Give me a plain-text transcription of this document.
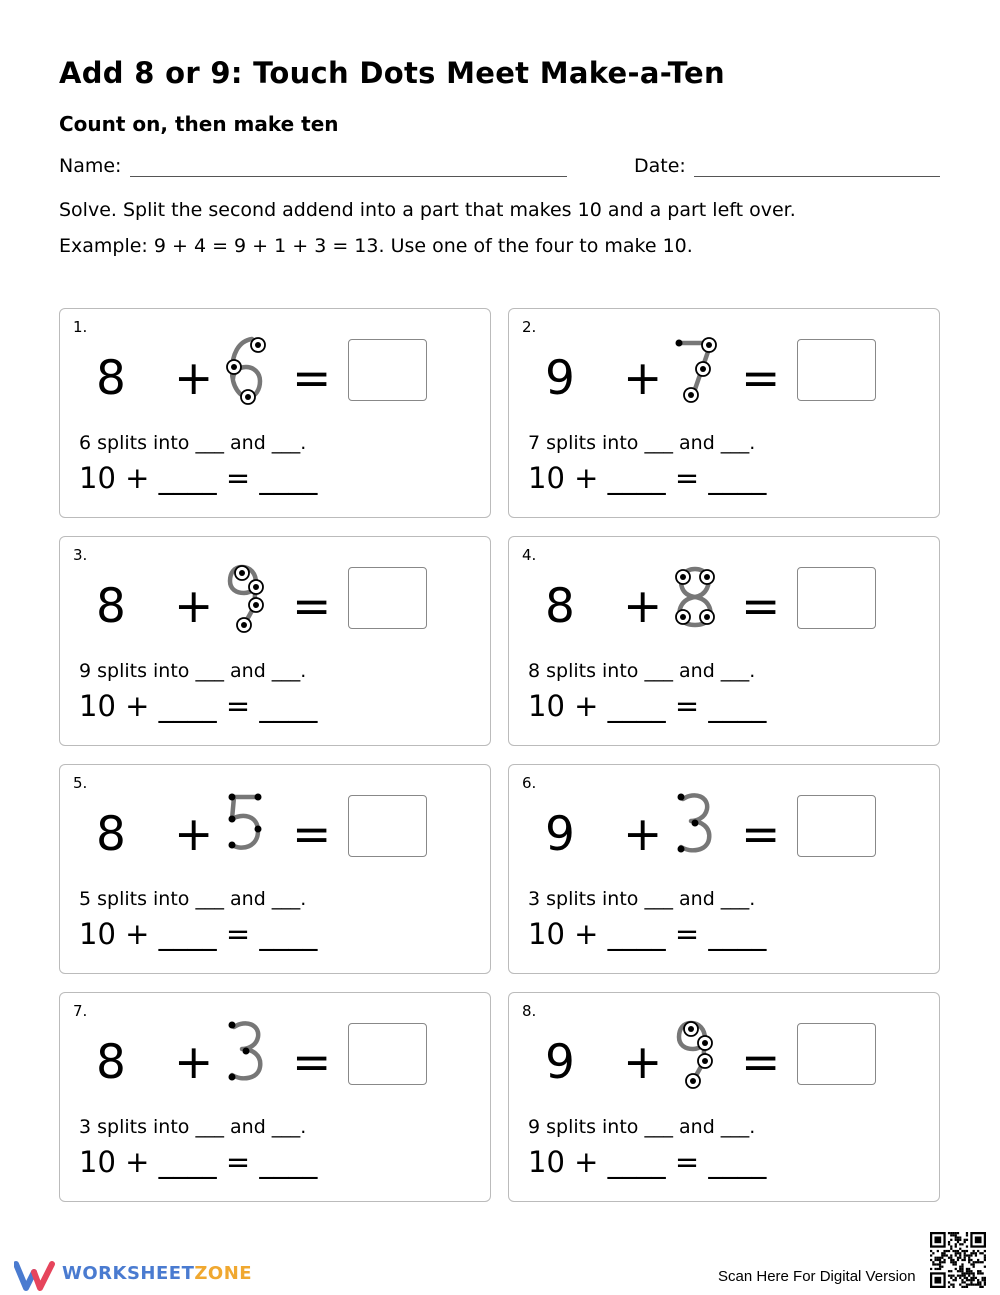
Add 8 or 9: Touch Dots Meet Make-a-Ten
Count on, then make ten
Name:	Date:
Solve. Split the second addend into a part that makes 10 and a part left over.
Example: 9 + 4 = 9 + 1 + 3 = 13. Use one of the four to make 10.
1.
8 + =
6 splits into ___ and ___.
10 + ____ = ____
2.
9 + =
7 splits into ___ and ___.
10 + ____ = ____
3.
8 + =
9 splits into ___ and ___.
10 + ____ = ____
4.
8 + =
8 splits into ___ and ___.
10 + ____ = ____
5.
8 + =
5 splits into ___ and ___.
10 + ____ = ____
6.
9 + =
3 splits into ___ and ___.
10 + ____ = ____
7.
8 + =
3 splits into ___ and ___.
10 + ____ = ____
8.
9 + =
9 splits into ___ and ___.
10 + ____ = ____
WORKSHEETZONE	Scan Here For Digital Version
